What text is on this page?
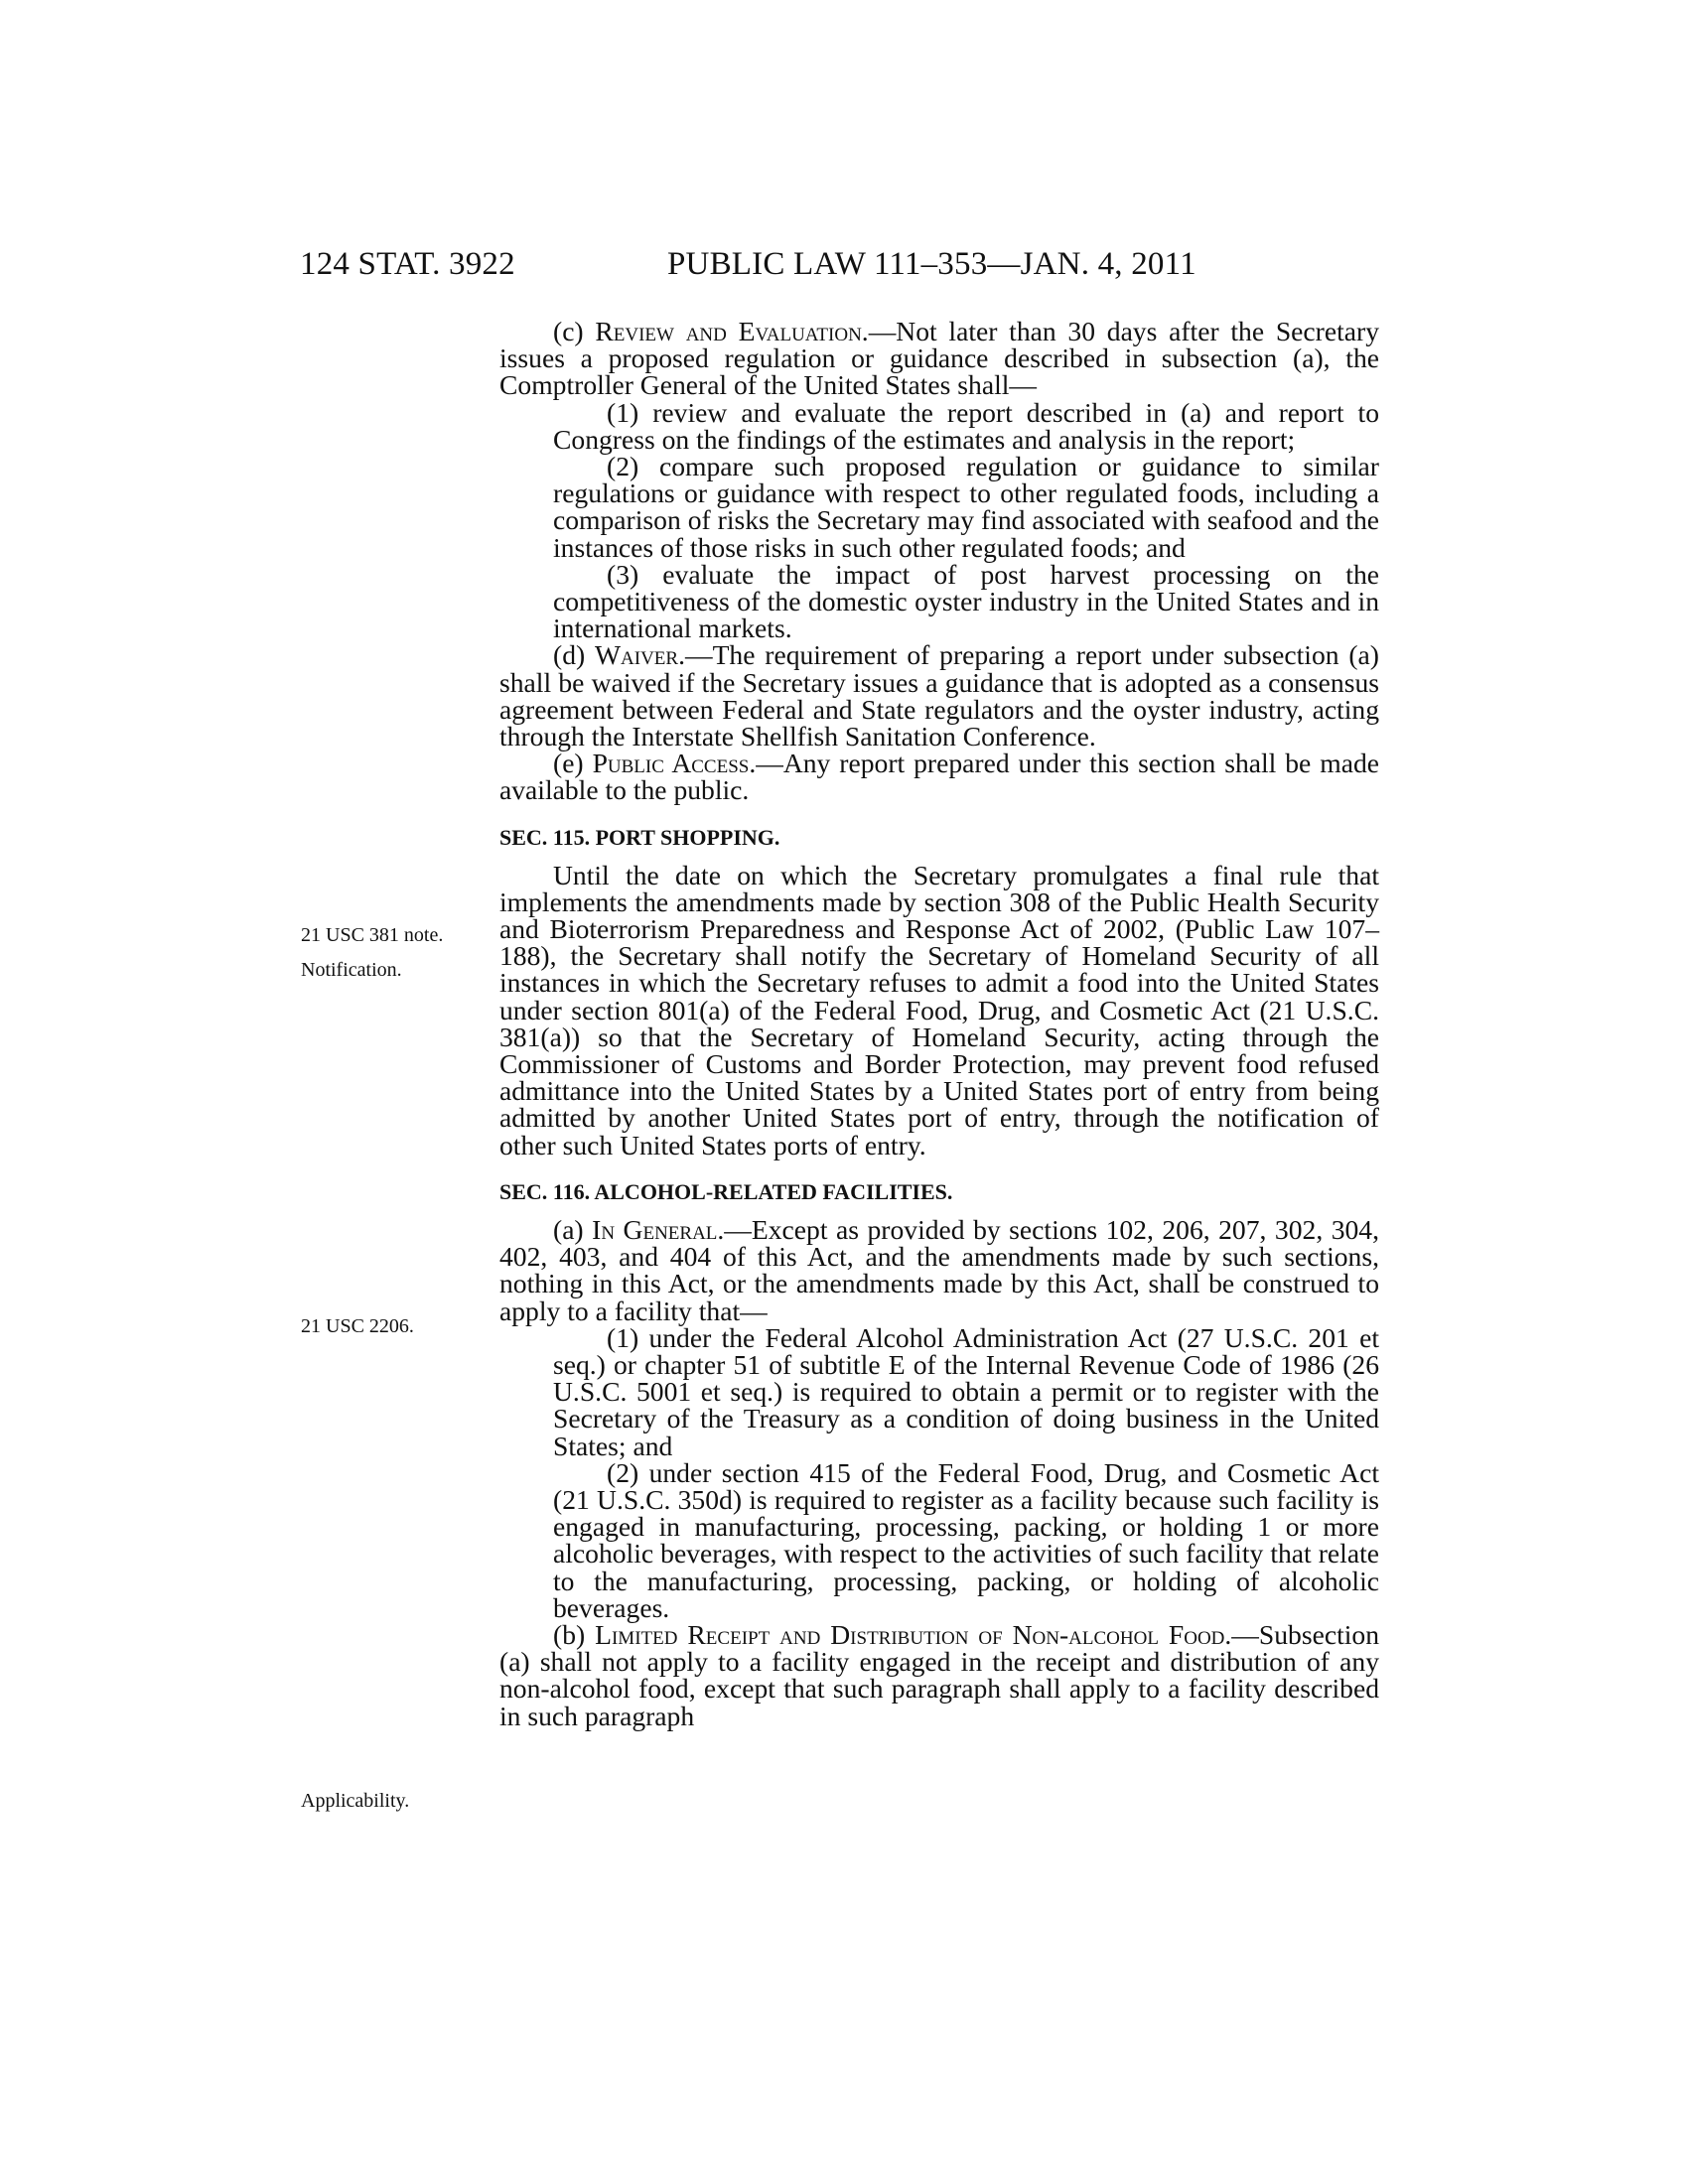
124 STAT. 3922	PUBLIC LAW 111–353—JAN. 4, 2011
21 USC 381 note.
Notification.
21 USC 2206.
Applicability.

(c) Review and Evaluation.—Not later than 30 days after the Secretary issues a proposed regulation or guidance described in subsection (a), the Comptroller General of the United States shall—

(1) review and evaluate the report described in (a) and report to Congress on the findings of the estimates and analysis in the report;

(2) compare such proposed regulation or guidance to similar regulations or guidance with respect to other regulated foods, including a comparison of risks the Secretary may find associated with seafood and the instances of those risks in such other regulated foods; and

(3) evaluate the impact of post harvest processing on the competitiveness of the domestic oyster industry in the United States and in international markets.

(d) Waiver.—The requirement of preparing a report under subsection (a) shall be waived if the Secretary issues a guidance that is adopted as a consensus agreement between Federal and State regulators and the oyster industry, acting through the Interstate Shellfish Sanitation Conference.

(e) Public Access.—Any report prepared under this section shall be made available to the public.

SEC. 115. PORT SHOPPING.

Until the date on which the Secretary promulgates a final rule that implements the amendments made by section 308 of the Public Health Security and Bioterrorism Preparedness and Response Act of 2002, (Public Law 107–188), the Secretary shall notify the Secretary of Homeland Security of all instances in which the Secretary refuses to admit a food into the United States under section 801(a) of the Federal Food, Drug, and Cosmetic Act (21 U.S.C. 381(a)) so that the Secretary of Homeland Security, acting through the Commissioner of Customs and Border Protection, may prevent food refused admittance into the United States by a United States port of entry from being admitted by another United States port of entry, through the notification of other such United States ports of entry.

SEC. 116. ALCOHOL-RELATED FACILITIES.

(a) In General.—Except as provided by sections 102, 206, 207, 302, 304, 402, 403, and 404 of this Act, and the amendments made by such sections, nothing in this Act, or the amendments made by this Act, shall be construed to apply to a facility that—

(1) under the Federal Alcohol Administration Act (27 U.S.C. 201 et seq.) or chapter 51 of subtitle E of the Internal Revenue Code of 1986 (26 U.S.C. 5001 et seq.) is required to obtain a permit or to register with the Secretary of the Treasury as a condition of doing business in the United States; and

(2) under section 415 of the Federal Food, Drug, and Cosmetic Act (21 U.S.C. 350d) is required to register as a facility because such facility is engaged in manufacturing, processing, packing, or holding 1 or more alcoholic beverages, with respect to the activities of such facility that relate to the manufacturing, processing, packing, or holding of alcoholic beverages.

(b) Limited Receipt and Distribution of Non-alcohol Food.—Subsection (a) shall not apply to a facility engaged in the receipt and distribution of any non-alcohol food, except that such paragraph shall apply to a facility described in such paragraph
